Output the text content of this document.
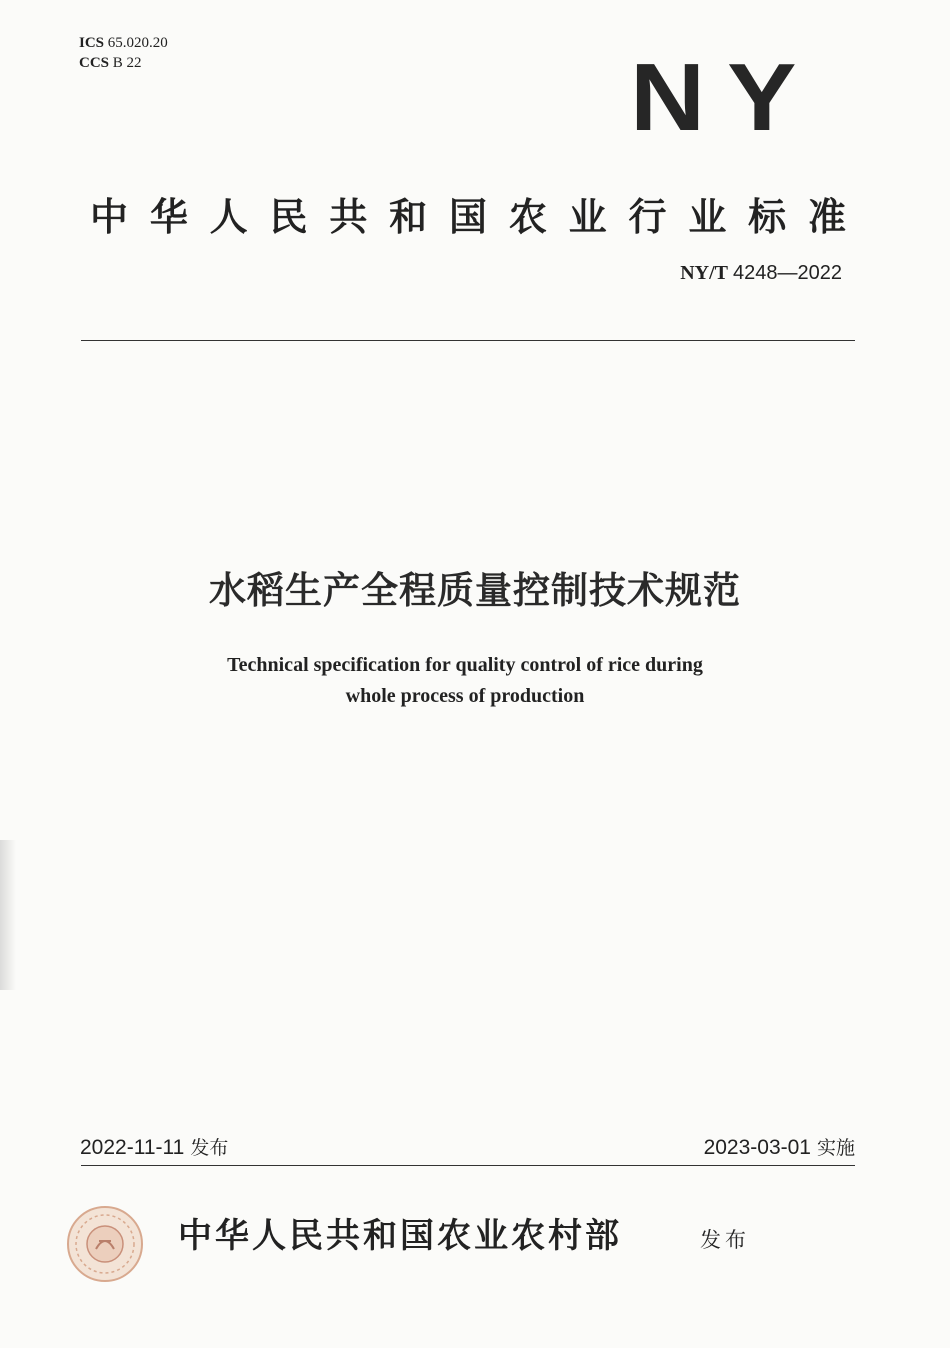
ICS 65.020.20
CCS B 22	NY
中华人民共和国农业行业标准
NY/T 4248—2022
水稻生产全程质量控制技术规范
Technical specification for quality control of rice during
whole process of production
2022-11-11 发布	2023-03-01 实施
中华人民共和国农业农村部	发布
